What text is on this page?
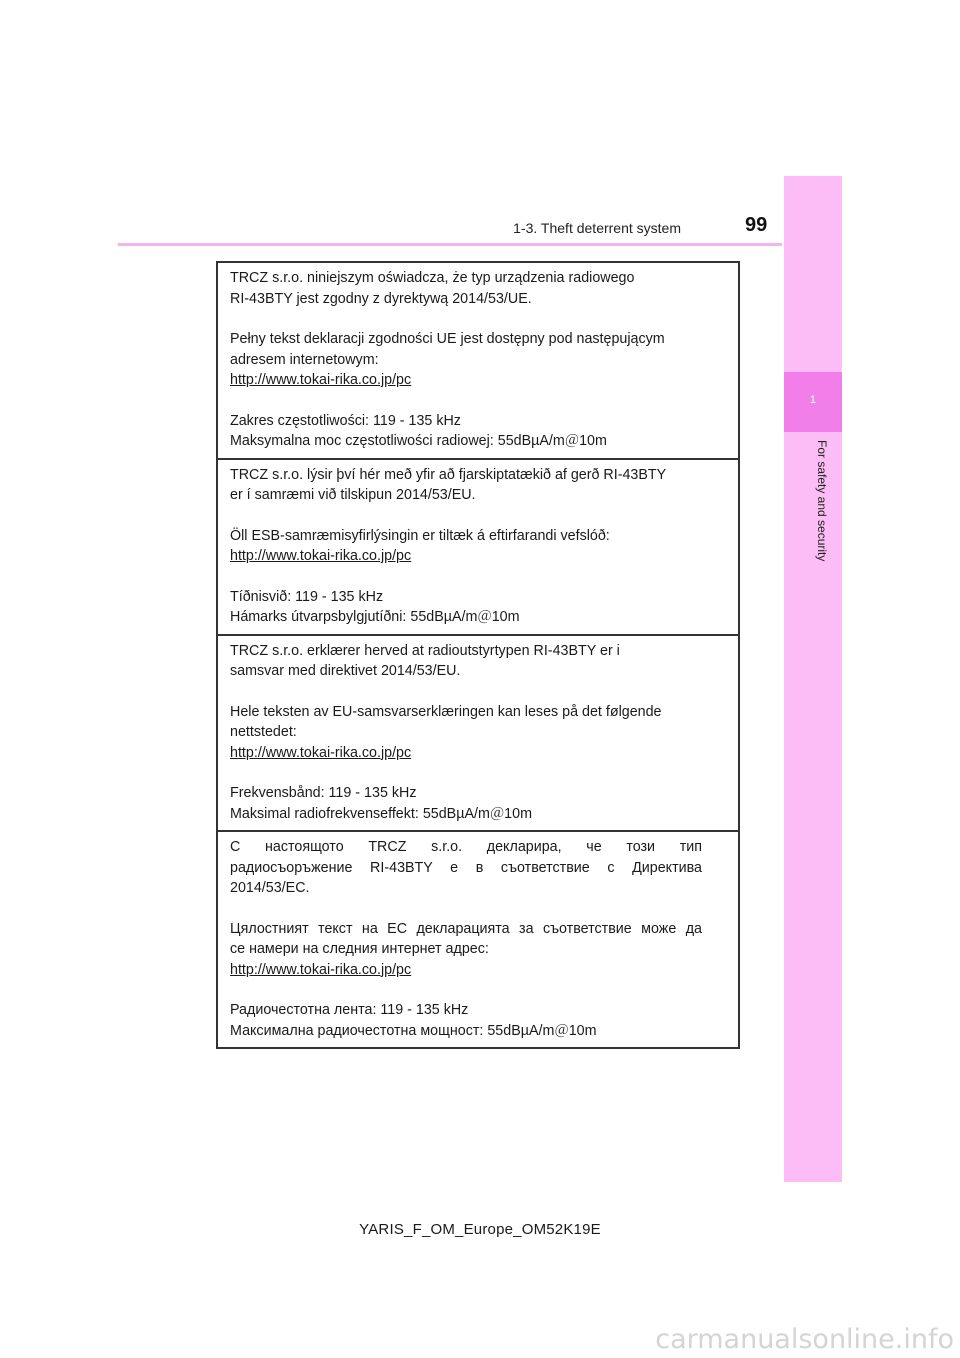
1-3. Theft deterrent system	99
1
For safety and security

TRCZ s.r.o. niniejszym oświadcza, że typ urządzenia radiowego

RI-43BTY jest zgodny z dyrektywą 2014/53/UE.

Pełny tekst deklaracji zgodności UE jest dostępny pod następującym

adresem internetowym:

http://www.tokai-rika.co.jp/pc

Zakres częstotliwości: 119 - 135 kHz

Maksymalna moc częstotliwości radiowej: 55dBµA/m＠10m

TRCZ s.r.o. lýsir því hér með yfir að fjarskiptatækið af gerð RI-43BTY

er í samræmi við tilskipun 2014/53/EU.

Öll ESB-samræmisyfirlýsingin er tiltæk á eftirfarandi vefslóð:

http://www.tokai-rika.co.jp/pc

Tíðnisvið: 119 - 135 kHz

Hámarks útvarpsbylgjutíðni: 55dBµA/m＠10m

TRCZ s.r.o. erklærer herved at radioutstyrtypen RI-43BTY er i

samsvar med direktivet 2014/53/EU.

Hele teksten av EU-samsvarserklæringen kan leses på det følgende

nettstedet:

http://www.tokai-rika.co.jp/pc

Frekvensbånd: 119 - 135 kHz

Maksimal radiofrekvenseffekt: 55dBµA/m＠10m

С настоящото TRCZ s.r.o. декларира, че този тип

радиосъоръжение RI-43BTY е в съответствие с Директива

2014/53/ЕС.

Цялостният текст на ЕС декларацията за съответствие може да

се намери на следния интернет адрес:

http://www.tokai-rika.co.jp/pc

Радиочестотна лента: 119 - 135 kHz

Максимална радиочестотна мощност: 55dBµA/m＠10m

YARIS_F_OM_Europe_OM52K19E
carmanualsonline.info
